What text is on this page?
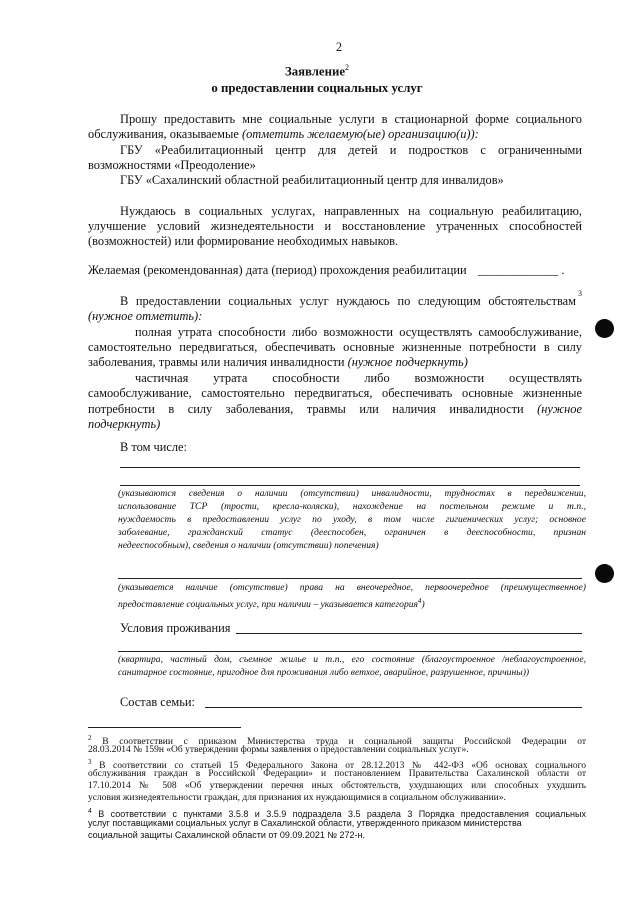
2
Заявление$^2$
о предоставлении социальных услуг
Прошу предоставить мне социальные услуги в стационарной форме социального
обслуживания, оказываемые (отметить желаемую(ые) организацию(и)):
ГБУ «Реабилитационный центр для детей и подростков с ограниченными
возможностями «Преодоление»
ГБУ «Сахалинский областной реабилитационный центр для инвалидов»
Нуждаюсь в социальных услугах, направленных на социальную реабилитацию,
улучшение условий жизнедеятельности и восстановление утраченных способностей
(возможностей) или формирование необходимых навыков.
Желаемая (рекомендованная) дата (период) прохождения реабилитации _____________ .
В предоставлении социальных услуг нуждаюсь по следующим обстоятельствам
3
(нужное отметить):
полная утрата способности либо возможности осуществлять самообслуживание,
самостоятельно передвигаться, обеспечивать основные жизненные потребности в силу
заболевания, травмы или наличия инвалидности (нужное подчеркнуть)
частичная утрата способности либо возможности осуществлять
самообслуживание, самостоятельно передвигаться, обеспечивать основные жизненные
потребности в силу заболевания, травмы или наличия инвалидности (нужное
подчеркнуть)
В том числе:
(указываются сведения о наличии (отсутствии) инвалидности, трудностях в передвижении,
использование ТСР (трости, кресла-коляски), нахождение на постельном режиме и т.п.,
нуждаемость в предоставлении услуг по уходу, в том числе гигиенических услуг; основное
заболевание, гражданский статус (дееспособен, ограничен в дееспособности, признан
недееспособным), сведения о наличии (отсутствии) попечения)
(указывается наличие (отсутствие) права на внеочередное, первоочередное (преимущественное)
предоставление социальных услуг, при наличии – указывается категория$^4$)
Условия проживания
(квартира, частный дом, съемное жилье и т.п., его состояние (благоустроенное /неблагоустроенное,
санитарное состояние, пригодное для проживания либо ветхое, аварийное, разрушенное, причины))
Состав семьи:
$^2$ В соответствии с приказом Министерства труда и социальной защиты Российской Федерации от
28.03.2014 № 159н «Об утверждении формы заявления о предоставлении социальных услуг».
$^3$ В соответствии со статьей 15 Федерального Закона от 28.12.2013 № 442-ФЗ «Об основах социального
обслуживания граждан в Российской Федерации» и постановлением Правительства Сахалинской области от
17.10.2014 № 508 «Об утверждении перечня иных обстоятельств, ухудшающих или способных ухудшить
условия жизнедеятельности граждан, для признания их нуждающимися в социальном обслуживании».
$^4$ В соответствии с пунктами 3.5.8 и 3.5.9 подраздела 3.5 раздела 3 Порядка предоставления социальных
услуг поставщиками социальных услуг в Сахалинской области, утвержденного приказом министерства
социальной защиты Сахалинской области от 09.09.2021 № 272-н.
